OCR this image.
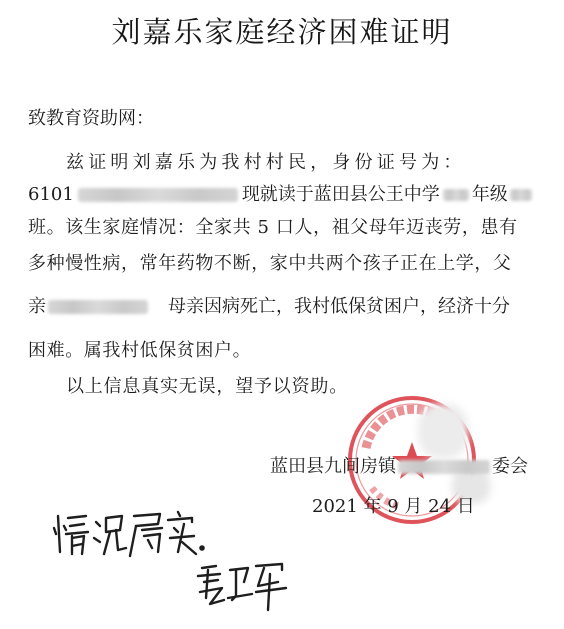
刘嘉乐家庭经济困难证明
致教育资助网：
兹证明刘嘉乐为我村村民，身份证号为：
6101	现就读于蓝田县公王中学 年级
班。该生家庭情况：全家共 5 口人，祖父母年迈丧劳，患有
多种慢性病，常年药物不断，家中共两个孩子正在上学，父
亲	母亲因病死亡，我村低保贫困户，经济十分
困难。属我村低保贫困户。
以上信息真实无误，望予以资助。
蓝田县九间房镇	委会
2021 年 9 月 24 日
